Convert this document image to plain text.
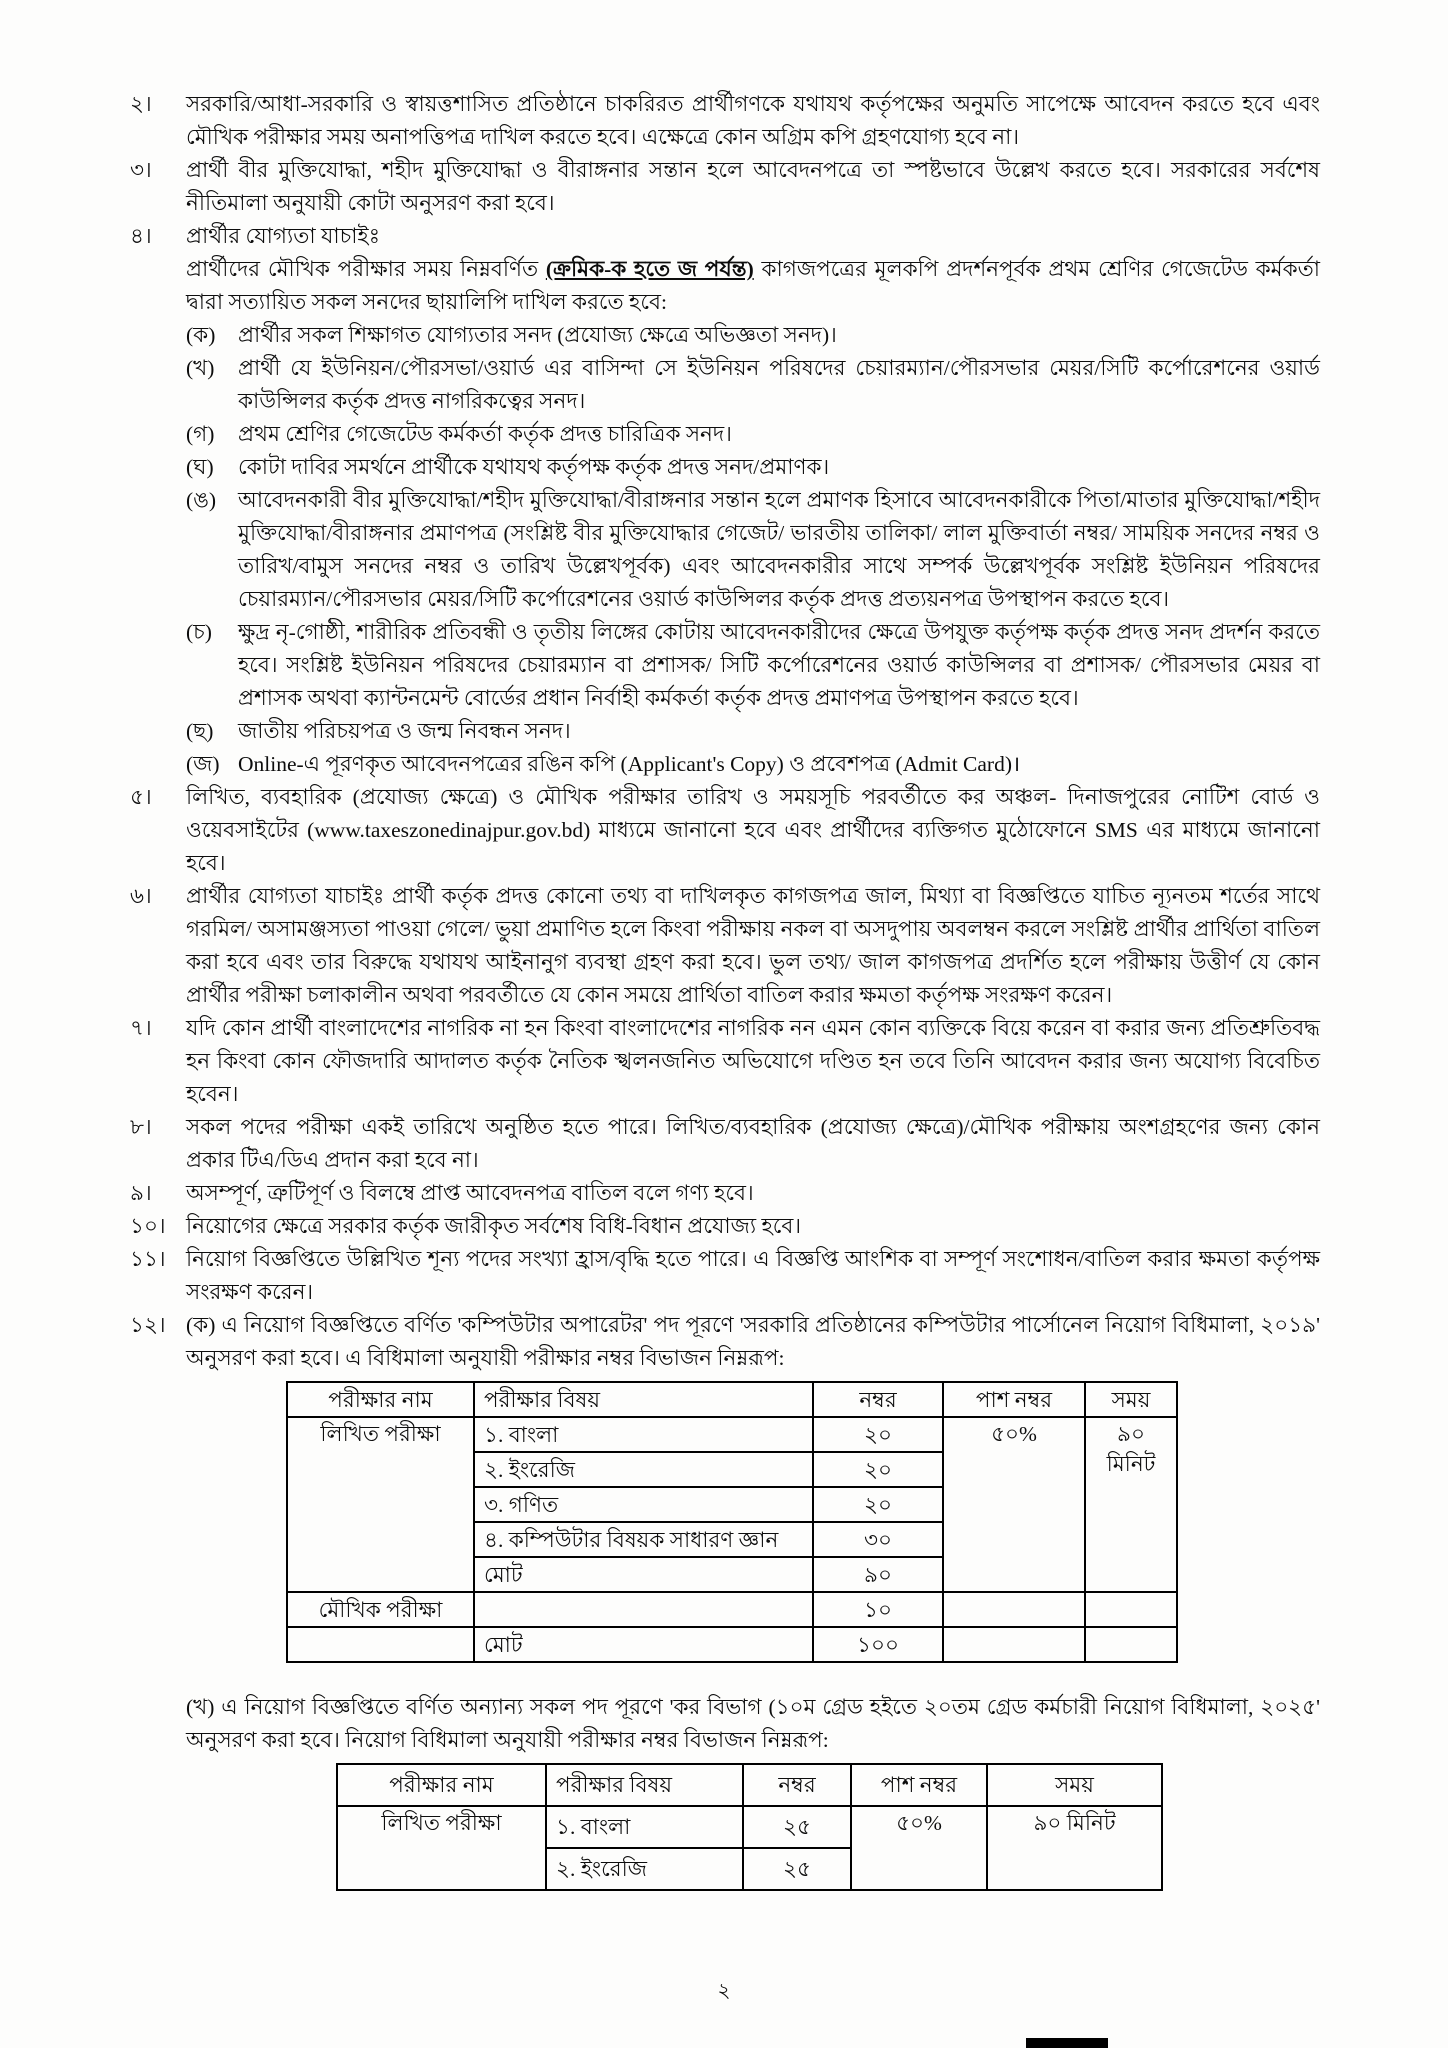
২।	সরকারি/আধা-সরকারি ও স্বায়ত্তশাসিত প্রতিষ্ঠানে চাকরিরত প্রার্থীগণকে যথাযথ কর্তৃপক্ষের অনুমতি সাপেক্ষে আবেদন করতে হবে এবং মৌখিক পরীক্ষার সময় অনাপত্তিপত্র দাখিল করতে হবে। এক্ষেত্রে কোন অগ্রিম কপি গ্রহণযোগ্য হবে না।
৩।	প্রার্থী বীর মুক্তিযোদ্ধা, শহীদ মুক্তিযোদ্ধা ও বীরাঙ্গনার সন্তান হলে আবেদনপত্রে তা স্পষ্টভাবে উল্লেখ করতে হবে। সরকারের সর্বশেষ নীতিমালা অনুযায়ী কোটা অনুসরণ করা হবে।
৪।	প্রার্থীর যোগ্যতা যাচাইঃ
প্রার্থীদের মৌখিক পরীক্ষার সময় নিম্নবর্ণিত (ক্রমিক-ক হতে জ পর্যন্ত) কাগজপত্রের মূলকপি প্রদর্শনপূর্বক প্রথম শ্রেণির গেজেটেড কর্মকর্তা দ্বারা সত্যায়িত সকল সনদের ছায়ালিপি দাখিল করতে হবে:
(ক)	প্রার্থীর সকল শিক্ষাগত যোগ্যতার সনদ (প্রযোজ্য ক্ষেত্রে অভিজ্ঞতা সনদ)।
(খ)	প্রার্থী যে ইউনিয়ন/পৌরসভা/ওয়ার্ড এর বাসিন্দা সে ইউনিয়ন পরিষদের চেয়ারম্যান/পৌরসভার মেয়র/সিটি কর্পোরেশনের ওয়ার্ড কাউন্সিলর কর্তৃক প্রদত্ত নাগরিকত্বের সনদ।
(গ)	প্রথম শ্রেণির গেজেটেড কর্মকর্তা কর্তৃক প্রদত্ত চারিত্রিক সনদ।
(ঘ)	কোটা দাবির সমর্থনে প্রার্থীকে যথাযথ কর্তৃপক্ষ কর্তৃক প্রদত্ত সনদ/প্রমাণক।
(ঙ)	আবেদনকারী বীর মুক্তিযোদ্ধা/শহীদ মুক্তিযোদ্ধা/বীরাঙ্গনার সন্তান হলে প্রমাণক হিসাবে আবেদনকারীকে পিতা/মাতার মুক্তিযোদ্ধা/শহীদ মুক্তিযোদ্ধা/বীরাঙ্গনার প্রমাণপত্র (সংশ্লিষ্ট বীর মুক্তিযোদ্ধার গেজেট/ ভারতীয় তালিকা/ লাল মুক্তিবার্তা নম্বর/ সাময়িক সনদের নম্বর ও তারিখ/বামুস সনদের নম্বর ও তারিখ উল্লেখপূর্বক) এবং আবেদনকারীর সাথে সম্পর্ক উল্লেখপূর্বক সংশ্লিষ্ট ইউনিয়ন পরিষদের চেয়ারম্যান/পৌরসভার মেয়র/সিটি কর্পোরেশনের ওয়ার্ড কাউন্সিলর কর্তৃক প্রদত্ত প্রত্যয়নপত্র উপস্থাপন করতে হবে।
(চ)	ক্ষুদ্র নৃ-গোষ্ঠী, শারীরিক প্রতিবন্ধী ও তৃতীয় লিঙ্গের কোটায় আবেদনকারীদের ক্ষেত্রে উপযুক্ত কর্তৃপক্ষ কর্তৃক প্রদত্ত সনদ প্রদর্শন করতে হবে। সংশ্লিষ্ট ইউনিয়ন পরিষদের চেয়ারম্যান বা প্রশাসক/ সিটি কর্পোরেশনের ওয়ার্ড কাউন্সিলর বা প্রশাসক/ পৌরসভার মেয়র বা প্রশাসক অথবা ক্যান্টনমেন্ট বোর্ডের প্রধান নির্বাহী কর্মকর্তা কর্তৃক প্রদত্ত প্রমাণপত্র উপস্থাপন করতে হবে।
(ছ)	জাতীয় পরিচয়পত্র ও জন্ম নিবন্ধন সনদ।
(জ) Online-এ পূরণকৃত আবেদনপত্রের রঙিন কপি (Applicant's Copy) ও প্রবেশপত্র (Admit Card)।
৫।	লিখিত, ব্যবহারিক (প্রযোজ্য ক্ষেত্রে) ও মৌখিক পরীক্ষার তারিখ ও সময়সূচি পরবর্তীতে কর অঞ্চল- দিনাজপুরের নোটিশ বোর্ড ও ওয়েবসাইটের (www.taxeszonedinajpur.gov.bd) মাধ্যমে জানানো হবে এবং প্রার্থীদের ব্যক্তিগত মুঠোফোনে SMS এর মাধ্যমে জানানো হবে।
৬।	প্রার্থীর যোগ্যতা যাচাইঃ প্রার্থী কর্তৃক প্রদত্ত কোনো তথ্য বা দাখিলকৃত কাগজপত্র জাল, মিথ্যা বা বিজ্ঞপ্তিতে যাচিত ন্যূনতম শর্তের সাথে গরমিল/ অসামঞ্জস্যতা পাওয়া গেলে/ ভুয়া প্রমাণিত হলে কিংবা পরীক্ষায় নকল বা অসদুপায় অবলম্বন করলে সংশ্লিষ্ট প্রার্থীর প্রার্থিতা বাতিল করা হবে এবং তার বিরুদ্ধে যথাযথ আইনানুগ ব্যবস্থা গ্রহণ করা হবে। ভুল তথ্য/ জাল কাগজপত্র প্রদর্শিত হলে পরীক্ষায় উত্তীর্ণ যে কোন প্রার্থীর পরীক্ষা চলাকালীন অথবা পরবর্তীতে যে কোন সময়ে প্রার্থিতা বাতিল করার ক্ষমতা কর্তৃপক্ষ সংরক্ষণ করেন।
৭।	যদি কোন প্রার্থী বাংলাদেশের নাগরিক না হন কিংবা বাংলাদেশের নাগরিক নন এমন কোন ব্যক্তিকে বিয়ে করেন বা করার জন্য প্রতিশ্রুতিবদ্ধ হন কিংবা কোন ফৌজদারি আদালত কর্তৃক নৈতিক স্খলনজনিত অভিযোগে দণ্ডিত হন তবে তিনি আবেদন করার জন্য অযোগ্য বিবেচিত হবেন।
৮।	সকল পদের পরীক্ষা একই তারিখে অনুষ্ঠিত হতে পারে। লিখিত/ব্যবহারিক (প্রযোজ্য ক্ষেত্রে)/মৌখিক পরীক্ষায় অংশগ্রহণের জন্য কোন প্রকার টিএ/ডিএ প্রদান করা হবে না।
৯।	অসম্পূর্ণ, ত্রুটিপূর্ণ ও বিলম্বে প্রাপ্ত আবেদনপত্র বাতিল বলে গণ্য হবে।
১০। নিয়োগের ক্ষেত্রে সরকার কর্তৃক জারীকৃত সর্বশেষ বিধি-বিধান প্রযোজ্য হবে।
১১। নিয়োগ বিজ্ঞপ্তিতে উল্লিখিত শূন্য পদের সংখ্যা হ্রাস/বৃদ্ধি হতে পারে। এ বিজ্ঞপ্তি আংশিক বা সম্পূর্ণ সংশোধন/বাতিল করার ক্ষমতা কর্তৃপক্ষ সংরক্ষণ করেন।
১২। (ক) এ নিয়োগ বিজ্ঞপ্তিতে বর্ণিত 'কম্পিউটার অপারেটর' পদ পূরণে 'সরকারি প্রতিষ্ঠানের কম্পিউটার পার্সোনেল নিয়োগ বিধিমালা, ২০১৯' অনুসরণ করা হবে। এ বিধিমালা অনুযায়ী পরীক্ষার নম্বর বিভাজন নিম্নরূপ:
পরীক্ষার নাম	পরীক্ষার বিষয়	নম্বর	পাশ নম্বর	সময়
লিখিত পরীক্ষা	১. বাংলা	২০	৫০%	৯০ মিনিট
	২. ইংরেজি	২০		
	৩. গণিত	২০		
	৪. কম্পিউটার বিষয়ক সাধারণ জ্ঞান	৩০		
	মোট	৯০		
মৌখিক পরীক্ষা		১০		
	মোট	১০০		
(খ) এ নিয়োগ বিজ্ঞপ্তিতে বর্ণিত অন্যান্য সকল পদ পূরণে 'কর বিভাগ (১০ম গ্রেড হইতে ২০তম গ্রেড কর্মচারী নিয়োগ বিধিমালা, ২০২৫' অনুসরণ করা হবে। নিয়োগ বিধিমালা অনুযায়ী পরীক্ষার নম্বর বিভাজন নিম্নরূপ:
পরীক্ষার নাম	পরীক্ষার বিষয়	নম্বর	পাশ নম্বর	সময়
লিখিত পরীক্ষা	১. বাংলা	২৫	৫০%	৯০ মিনিট
	২. ইংরেজি	২৫		
২
